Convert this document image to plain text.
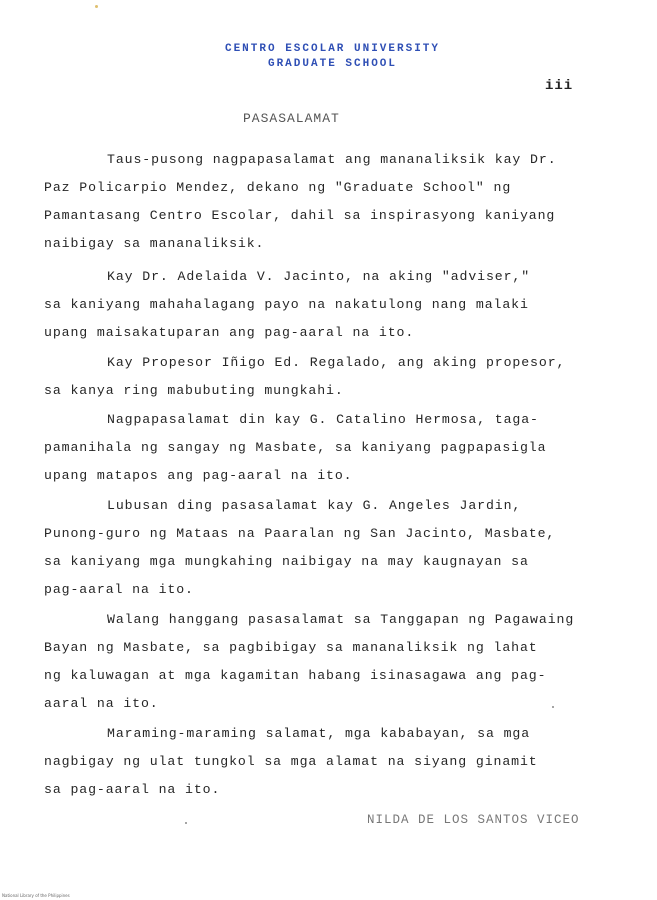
CENTRO ESCOLAR UNIVERSITY
GRADUATE SCHOOL
iii
PASASALAMAT
Taus-pusong nagpapasalamat ang mananaliksik kay Dr.
Paz Policarpio Mendez, dekano ng "Graduate School" ng
Pamantasang Centro Escolar, dahil sa inspirasyong kaniyang
naibigay sa mananaliksik.
Kay Dr. Adelaida V. Jacinto, na aking "adviser,"
sa kaniyang mahahalagang payo na nakatulong nang malaki
upang maisakatuparan ang pag-aaral na ito.
Kay Propesor Iñigo Ed. Regalado, ang aking propesor,
sa kanya ring mabubuting mungkahi.
Nagpapasalamat din kay G. Catalino Hermosa, taga-
pamanihala ng sangay ng Masbate, sa kaniyang pagpapasigla
upang matapos ang pag-aaral na ito.
Lubusan ding pasasalamat kay G. Angeles Jardin,
Punong-guro ng Mataas na Paaralan ng San Jacinto, Masbate,
sa kaniyang mga mungkahing naibigay na may kaugnayan sa
pag-aaral na ito.
Walang hanggang pasasalamat sa Tanggapan ng Pagawaing
Bayan ng Masbate, sa pagbibigay sa mananaliksik ng lahat
ng kaluwagan at mga kagamitan habang isinasagawa ang pag-
aaral na ito.
Maraming-maraming salamat, mga kababayan, sa mga
nagbigay ng ulat tungkol sa mga alamat na siyang ginamit
sa pag-aaral na ito.
NILDA DE LOS SANTOS VICEO
National Library of the Philippines
